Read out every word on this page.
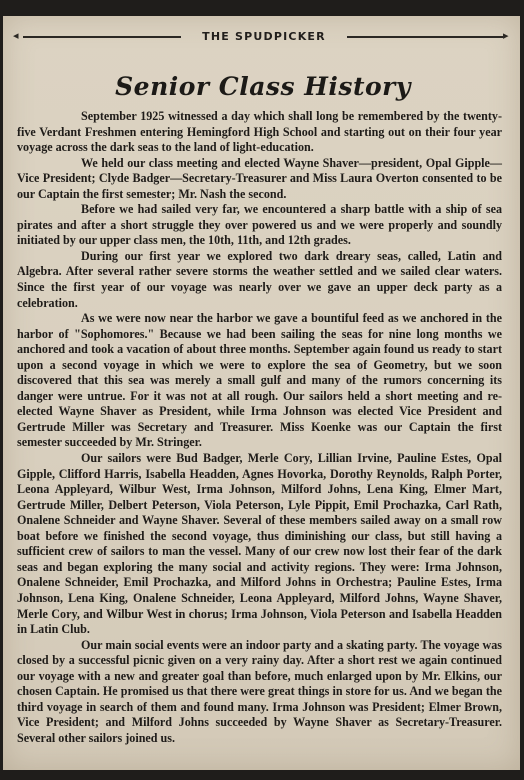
◂	THE SPUDPICKER	▸
Senior Class History

September 1925 witnessed a day which shall long be remembered by the twenty-five Verdant Freshmen entering Hemingford High School and starting out on their four year voyage across the dark seas to the land of light-education.

We held our class meeting and elected Wayne Shaver—president, Opal Gipple—Vice President; Clyde Badger—Secretary-Treasurer and Miss Laura Overton consented to be our Captain the first semester; Mr. Nash the second.

Before we had sailed very far, we encountered a sharp battle with a ship of sea pirates and after a short struggle they over powered us and we were properly and soundly initiated by our upper class men, the 10th, 11th, and 12th grades.

During our first year we explored two dark dreary seas, called, Latin and Algebra. After several rather severe storms the weather settled and we sailed clear waters. Since the first year of our voyage was nearly over we gave an upper deck party as a celebration.

As we were now near the harbor we gave a bountiful feed as we anchored in the harbor of "Sophomores." Because we had been sailing the seas for nine long months we anchored and took a vacation of about three months. September again found us ready to start upon a second voyage in which we were to explore the sea of Geometry, but we soon discovered that this sea was merely a small gulf and many of the rumors concerning its danger were untrue. For it was not at all rough. Our sailors held a short meeting and re-elected Wayne Shaver as President, while Irma Johnson was elected Vice President and Gertrude Miller was Secretary and Treasurer. Miss Koenke was our Captain the first semester succeeded by Mr. Stringer.

Our sailors were Bud Badger, Merle Cory, Lillian Irvine, Pauline Estes, Opal Gipple, Clifford Harris, Isabella Headden, Agnes Hovorka, Dorothy Reynolds, Ralph Porter, Leona Appleyard, Wilbur West, Irma Johnson, Milford Johns, Lena King, Elmer Mart, Gertrude Miller, Delbert Peterson, Viola Peterson, Lyle Pippit, Emil Prochazka, Carl Rath, Onalene Schneider and Wayne Shaver. Several of these members sailed away on a small row boat before we finished the second voyage, thus diminishing our class, but still having a sufficient crew of sailors to man the vessel. Many of our crew now lost their fear of the dark seas and began exploring the many social and activity regions. They were: Irma Johnson, Onalene Schneider, Emil Prochazka, and Milford Johns in Orchestra; Pauline Estes, Irma Johnson, Lena King, Onalene Schneider, Leona Appleyard, Milford Johns, Wayne Shaver, Merle Cory, and Wilbur West in chorus; Irma Johnson, Viola Peterson and Isabella Headden in Latin Club.

Our main social events were an indoor party and a skating party. The voyage was closed by a successful picnic given on a very rainy day. After a short rest we again continued our voyage with a new and greater goal than before, much enlarged upon by Mr. Elkins, our chosen Captain. He promised us that there were great things in store for us. And we began the third voyage in search of them and found many. Irma Johnson was President; Elmer Brown, Vice President; and Milford Johns succeeded by Wayne Shaver as Secretary-Treasurer. Several other sailors joined us.
